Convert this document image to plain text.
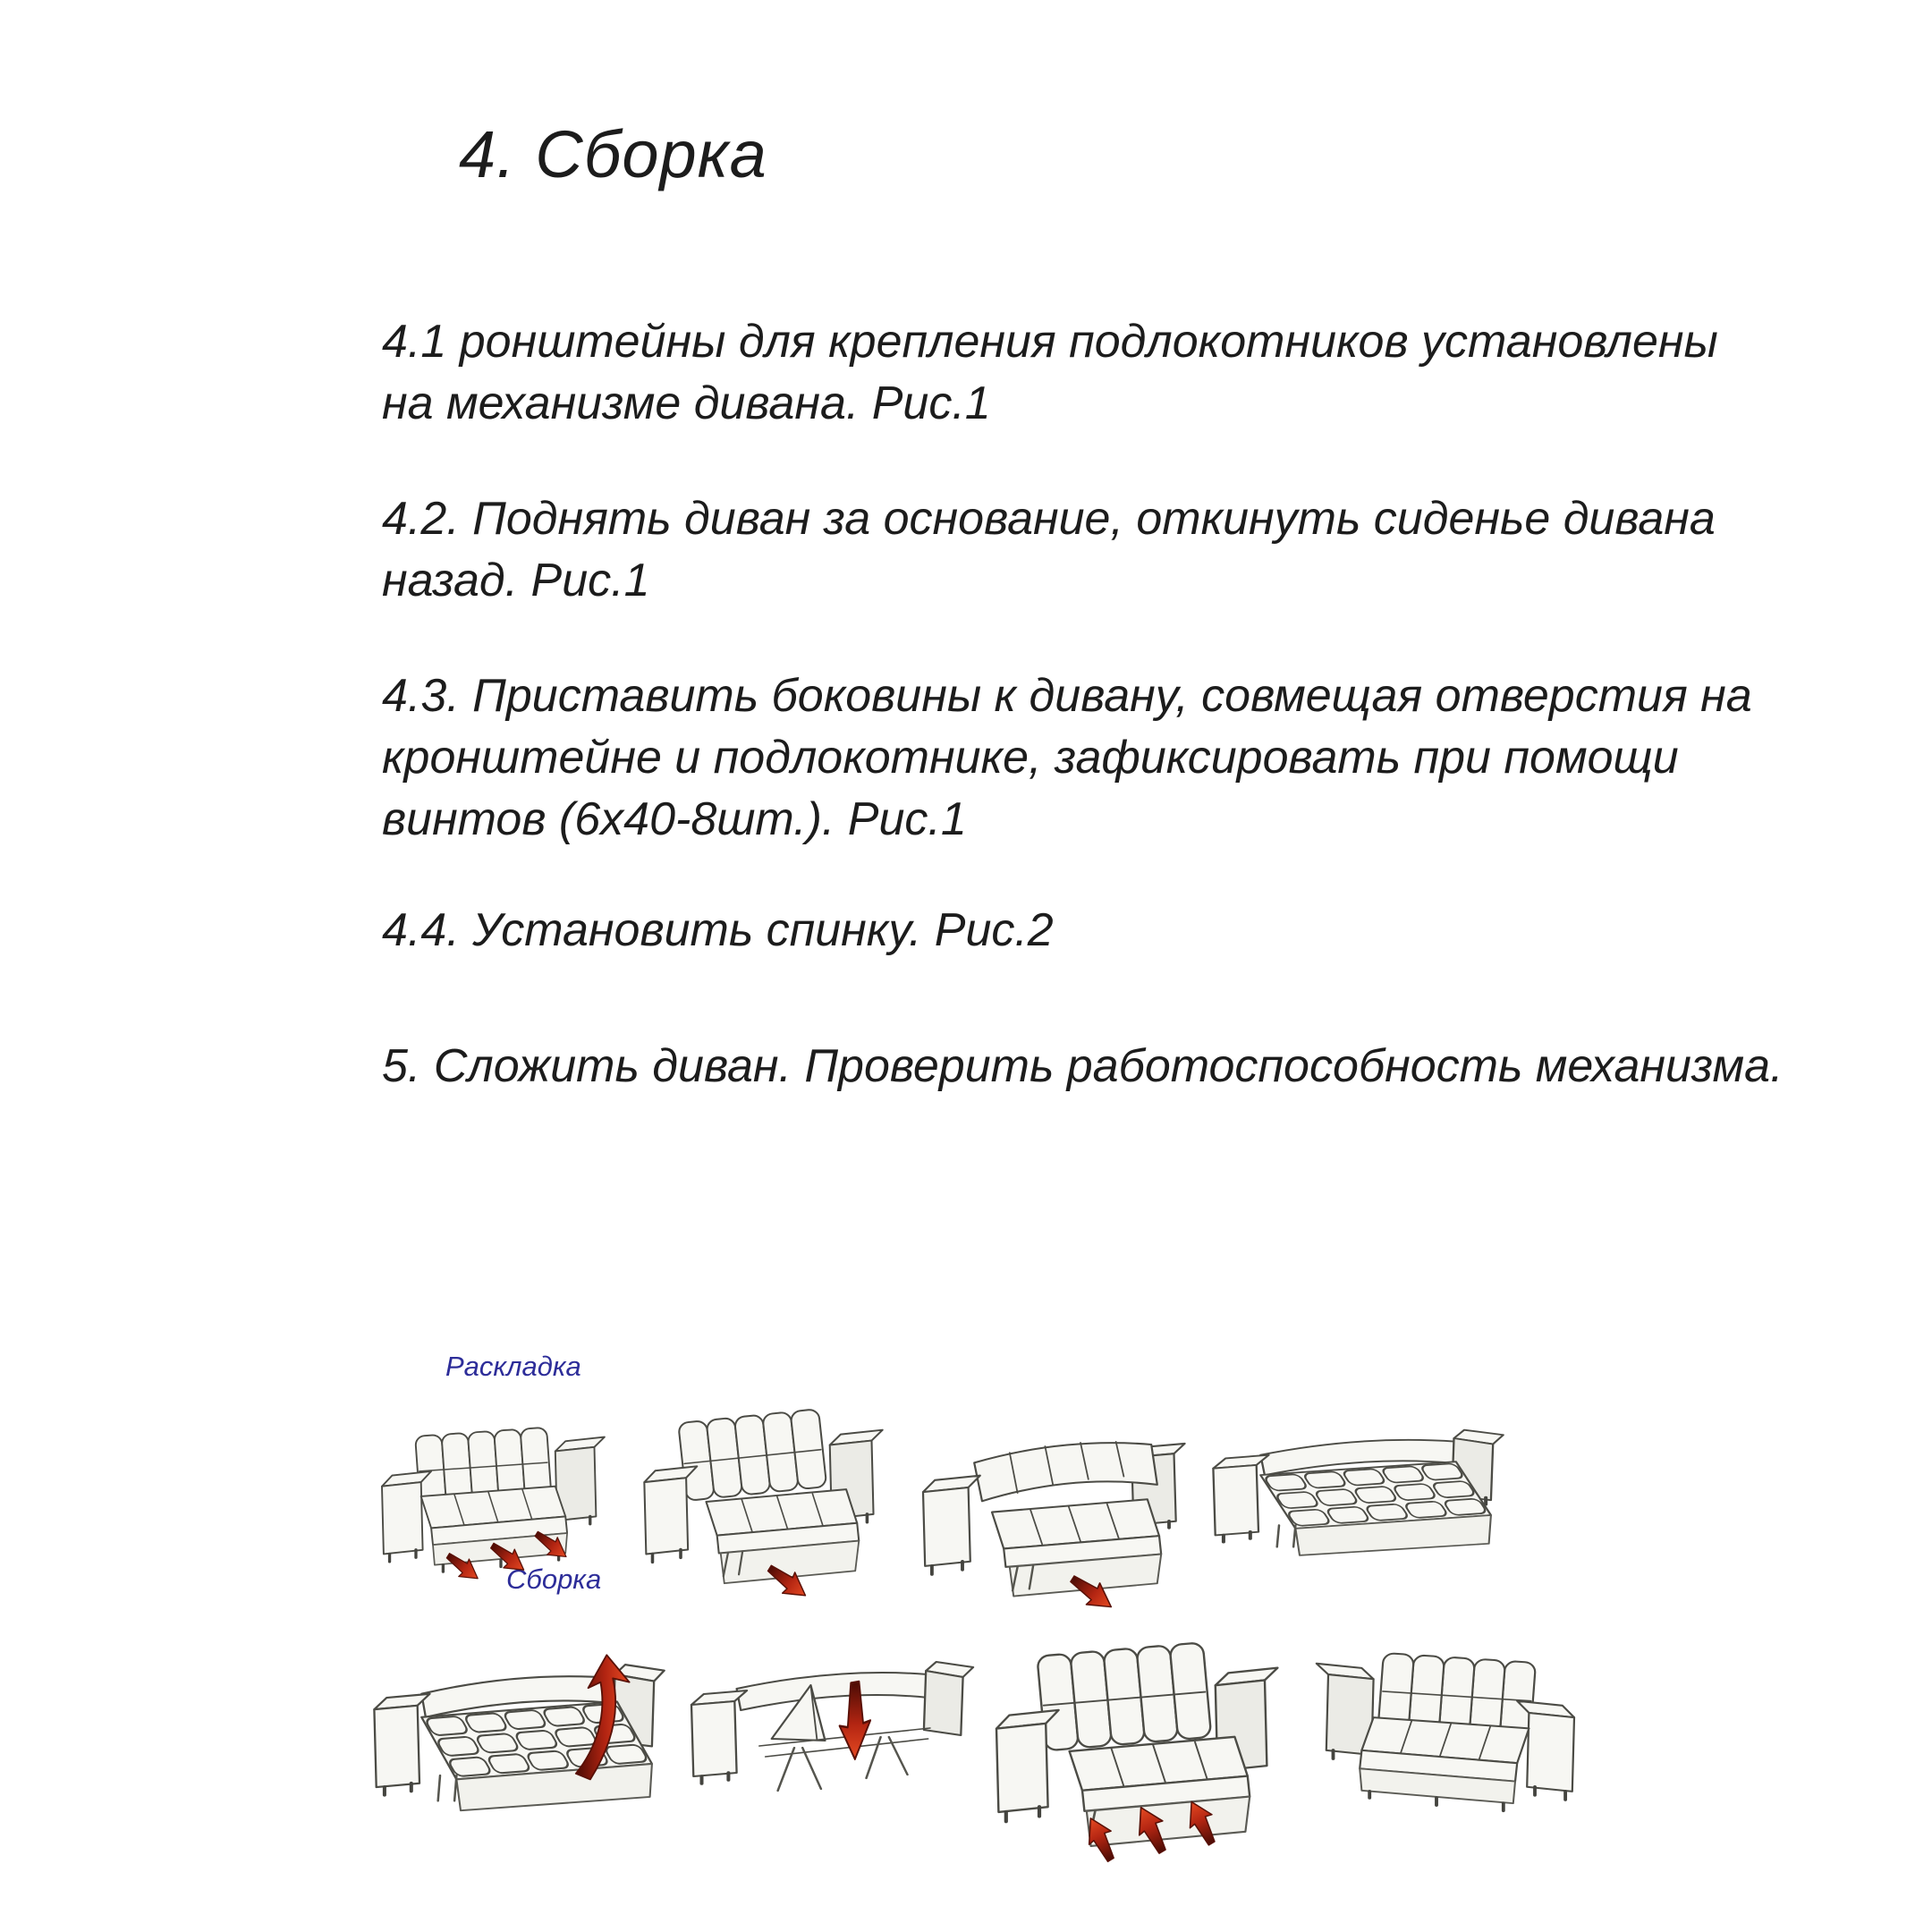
4. Сборка
4.1 ронштейны для крепления подлокотников установлены
на механизме дивана. Рис.1
4.2. Поднять диван за основание, откинуть сиденье дивана
назад. Рис.1
4.3. Приставить боковины к дивану, совмещая отверстия на
кронштейне и подлокотнике, зафиксировать при помощи
винтов (6х40-8шт.). Рис.1
4.4. Установить спинку. Рис.2
5. Сложить диван. Проверить работоспособность механизма.
Раскладка
Сборка
